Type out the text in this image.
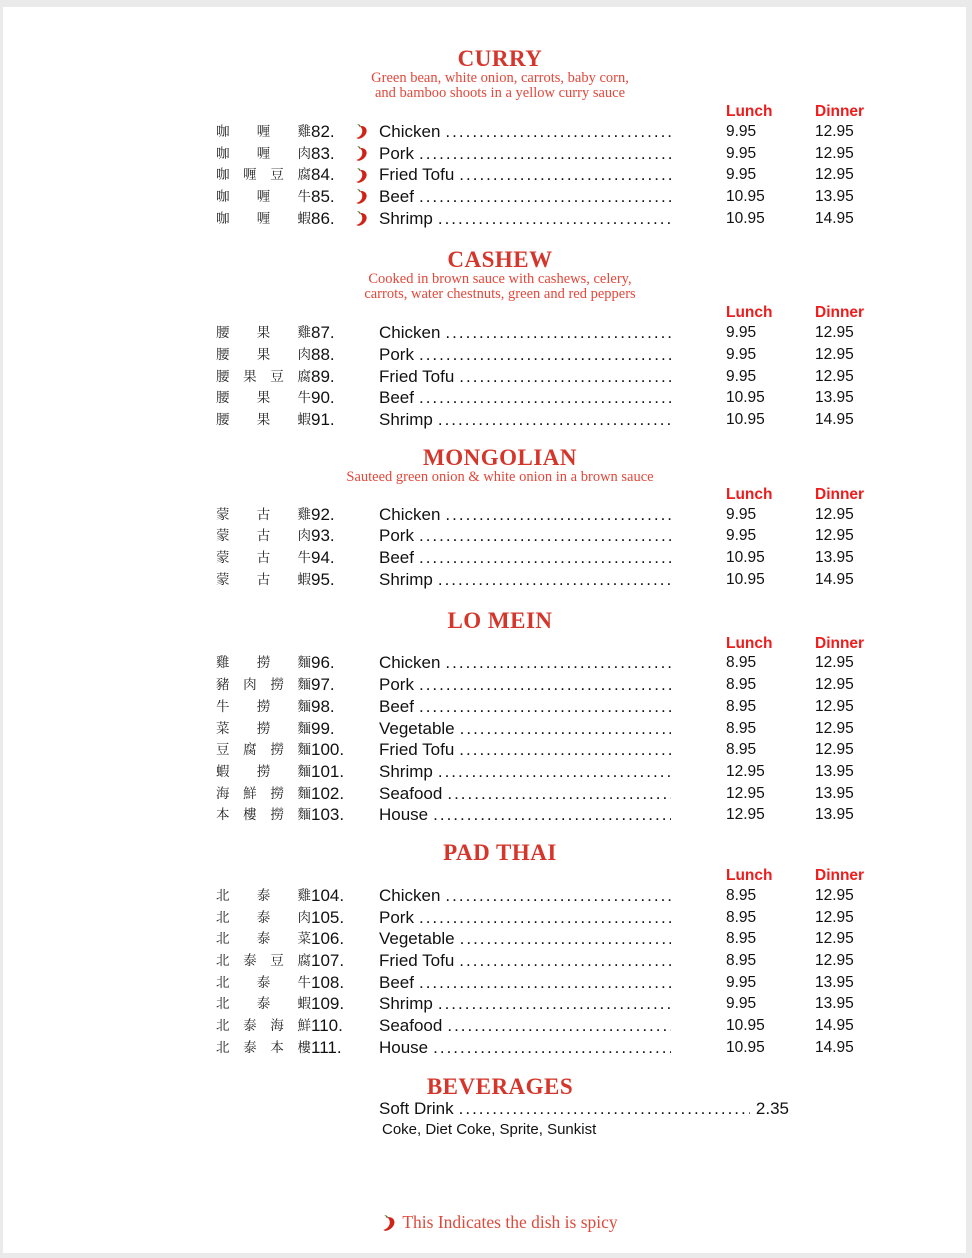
CURRY
Green bean, white onion, carrots, baby corn,
and bamboo shoots in a yellow curry sauce
Lunch	Dinner
咖 喱 雞 82.	Chicken .....	9.95	12.95
咖 喱 肉 83.	Pork .....	9.95	12.95
咖 喱 豆 腐 84.	Fried Tofu .....	9.95	12.95
咖 喱 牛 85.	Beef .....	10.95	13.95
咖 喱 蝦 86.	Shrimp .....	10.95	14.95
CASHEW
Cooked in brown sauce with cashews, celery,
carrots, water chestnuts, green and red peppers
Lunch	Dinner
腰 果 雞 87.	Chicken .....	9.95	12.95
腰 果 肉 88.	Pork .....	9.95	12.95
腰 果 豆 腐 89.	Fried Tofu .....	9.95	12.95
腰 果 牛 90.	Beef .....	10.95	13.95
腰 果 蝦 91.	Shrimp .....	10.95	14.95
MONGOLIAN
Sauteed green onion & white onion in a brown sauce
Lunch	Dinner
蒙 古 雞 92.	Chicken .....	9.95	12.95
蒙 古 肉 93.	Pork .....	9.95	12.95
蒙 古 牛 94.	Beef .....	10.95	13.95
蒙 古 蝦 95.	Shrimp .....	10.95	14.95
LO MEIN
Lunch	Dinner
雞 撈 麵 96.	Chicken .....	8.95	12.95
豬 肉 撈 麵 97.	Pork .....	8.95	12.95
牛 撈 麵 98.	Beef .....	8.95	12.95
菜 撈 麵 99.	Vegetable .....	8.95	12.95
豆 腐 撈 麵 100.	Fried Tofu .....	8.95	12.95
蝦 撈 麵 101.	Shrimp .....	12.95	13.95
海 鮮 撈 麵 102.	Seafood .....	12.95	13.95
本 樓 撈 麵 103.	House .....	12.95	13.95
PAD THAI
Lunch	Dinner
北 泰 雞 104.	Chicken .....	8.95	12.95
北 泰 肉 105.	Pork .....	8.95	12.95
北 泰 菜 106.	Vegetable .....	8.95	12.95
北 泰 豆 腐 107.	Fried Tofu .....	8.95	12.95
北 泰 牛 108.	Beef .....	9.95	13.95
北 泰 蝦 109.	Shrimp .....	9.95	13.95
北 泰 海 鮮 110.	Seafood .....	10.95	14.95
北 泰 本 樓 111.	House .....	10.95	14.95
BEVERAGES
Soft Drink .....	2.35
Coke, Diet Coke, Sprite, Sunkist
This Indicates the dish is spicy
